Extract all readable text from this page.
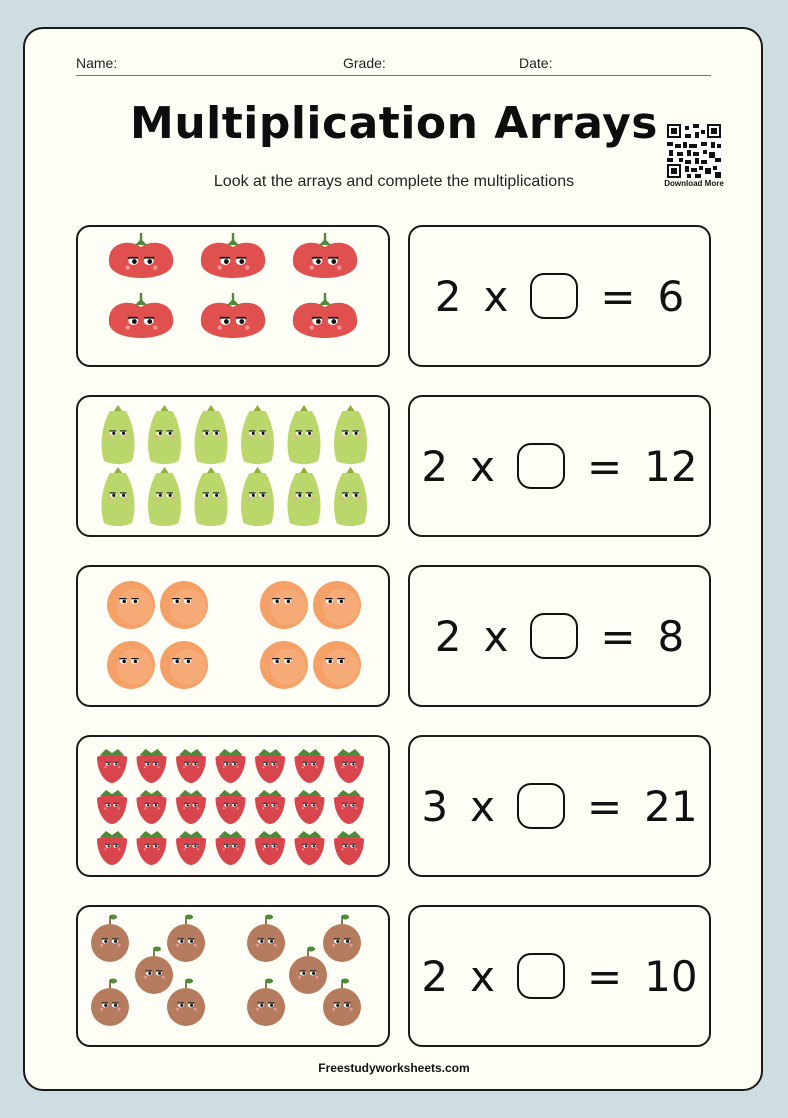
Name:	Grade:	Date:
Multiplication Arrays
Look at the arrays and complete the multiplications	Download More
2 x = 6
2 x = 12
2 x = 8
3 x = 21
2 x = 10
Freestudyworksheets.com
